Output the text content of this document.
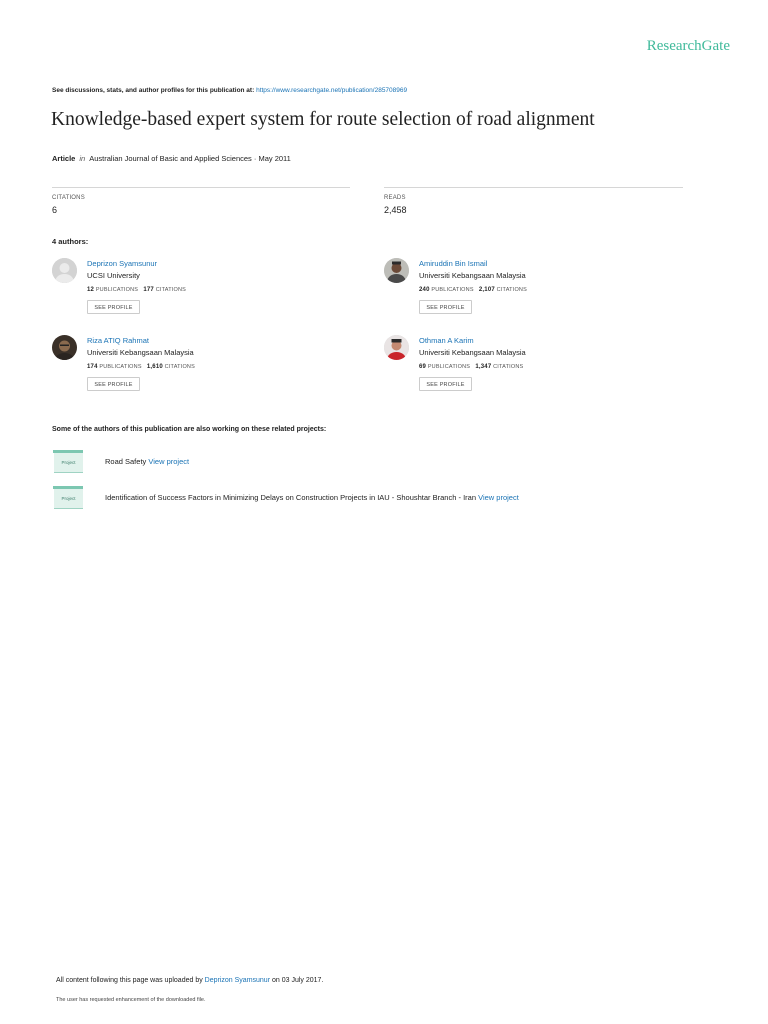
ResearchGate
See discussions, stats, and author profiles for this publication at: https://www.researchgate.net/publication/285708969
Knowledge-based expert system for route selection of road alignment
Article in Australian Journal of Basic and Applied Sciences · May 2011
CITATIONS
6
READS
2,458
4 authors:
Deprizon Syamsunur
UCSI University
12 PUBLICATIONS 177 CITATIONS
SEE PROFILE
Amiruddin Bin Ismail
Universiti Kebangsaan Malaysia
240 PUBLICATIONS 2,107 CITATIONS
SEE PROFILE
Riza ATIQ Rahmat
Universiti Kebangsaan Malaysia
174 PUBLICATIONS 1,610 CITATIONS
SEE PROFILE
Othman A Karim
Universiti Kebangsaan Malaysia
69 PUBLICATIONS 1,347 CITATIONS
SEE PROFILE
Some of the authors of this publication are also working on these related projects:
Project	Road Safety View project
Project	Identification of Success Factors in Minimizing Delays on Construction Projects in IAU - Shoushtar Branch - Iran View project
All content following this page was uploaded by Deprizon Syamsunur on 03 July 2017.
The user has requested enhancement of the downloaded file.
